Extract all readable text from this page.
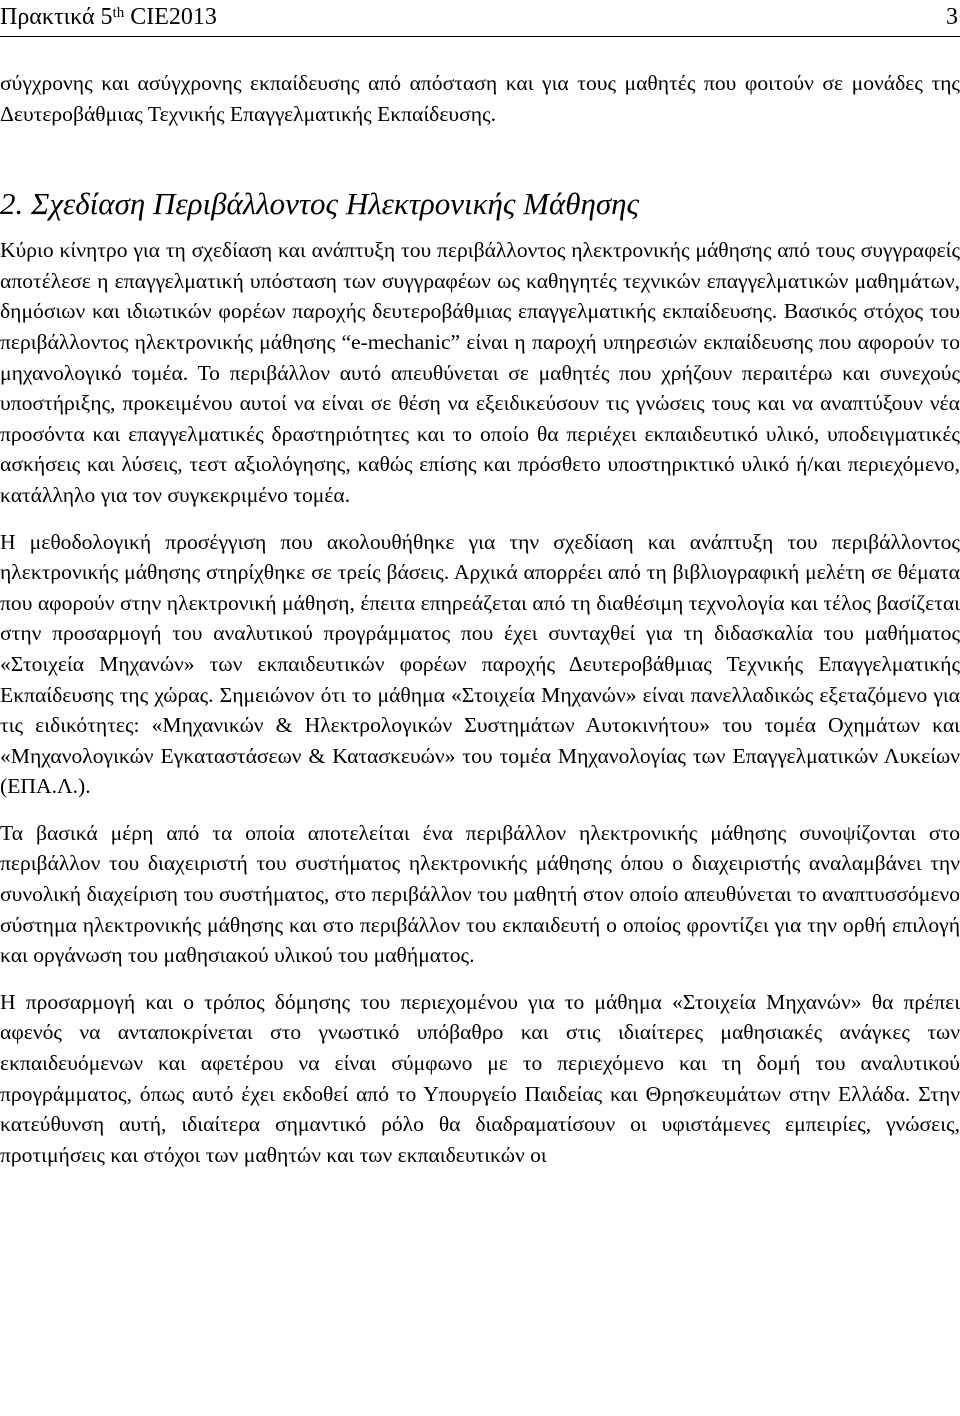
Πρακτικά 5th CIE2013	3

σύγχρονης και ασύγχρονης εκπαίδευσης από απόσταση και για τους μαθητές που φοιτούν σε μονάδες της Δευτεροβάθμιας Τεχνικής Επαγγελματικής Εκπαίδευσης.

2. Σχεδίαση Περιβάλλοντος Ηλεκτρονικής Μάθησης

Κύριο κίνητρο για τη σχεδίαση και ανάπτυξη του περιβάλλοντος ηλεκτρονικής μάθησης από τους συγγραφείς αποτέλεσε η επαγγελματική υπόσταση των συγγραφέων ως καθηγητές τεχνικών επαγγελματικών μαθημάτων, δημόσιων και ιδιωτικών φορέων παροχής δευτεροβάθμιας επαγγελματικής εκπαίδευσης. Βασικός στόχος του περιβάλλοντος ηλεκτρονικής μάθησης “e-mechanic” είναι η παροχή υπηρεσιών εκπαίδευσης που αφορούν το μηχανολογικό τομέα. Το περιβάλλον αυτό απευθύνεται σε μαθητές που χρήζουν περαιτέρω και συνεχούς υποστήριξης, προκειμένου αυτοί να είναι σε θέση να εξειδικεύσουν τις γνώσεις τους και να αναπτύξουν νέα προσόντα και επαγγελματικές δραστηριότητες και το οποίο θα περιέχει εκπαιδευτικό υλικό, υποδειγματικές ασκήσεις και λύσεις, τεστ αξιολόγησης, καθώς επίσης και πρόσθετο υποστηρικτικό υλικό ή/και περιεχόμενο, κατάλληλο για τον συγκεκριμένο τομέα.

Η μεθοδολογική προσέγγιση που ακολουθήθηκε για την σχεδίαση και ανάπτυξη του περιβάλλοντος ηλεκτρονικής μάθησης στηρίχθηκε σε τρείς βάσεις. Αρχικά απορρέει από τη βιβλιογραφική μελέτη σε θέματα που αφορούν στην ηλεκτρονική μάθηση, έπειτα επηρεάζεται από τη διαθέσιμη τεχνολογία και τέλος βασίζεται στην προσαρμογή του αναλυτικού προγράμματος που έχει συνταχθεί για τη διδασκαλία του μαθήματος «Στοιχεία Μηχανών» των εκπαιδευτικών φορέων παροχής Δευτεροβάθμιας Τεχνικής Επαγγελματικής Εκπαίδευσης της χώρας. Σημειώνον ότι το μάθημα «Στοιχεία Μηχανών» είναι πανελλαδικώς εξεταζόμενο για τις ειδικότητες: «Μηχανικών & Ηλεκτρολογικών Συστημάτων Αυτοκινήτου» του τομέα Οχημάτων και «Μηχανολογικών Εγκαταστάσεων & Κατασκευών» του τομέα Μηχανολογίας των Επαγγελματικών Λυκείων (ΕΠΑ.Λ.).

Τα βασικά μέρη από τα οποία αποτελείται ένα περιβάλλον ηλεκτρονικής μάθησης συνοψίζονται στο περιβάλλον του διαχειριστή του συστήματος ηλεκτρονικής μάθησης όπου ο διαχειριστής αναλαμβάνει την συνολική διαχείριση του συστήματος, στο περιβάλλον του μαθητή στον οποίο απευθύνεται το αναπτυσσόμενο σύστημα ηλεκτρονικής μάθησης και στο περιβάλλον του εκπαιδευτή ο οποίος φροντίζει για την ορθή επιλογή και οργάνωση του μαθησιακού υλικού του μαθήματος.

Η προσαρμογή και ο τρόπος δόμησης του περιεχομένου για το μάθημα «Στοιχεία Μηχανών» θα πρέπει αφενός να ανταποκρίνεται στο γνωστικό υπόβαθρο και στις ιδιαίτερες μαθησιακές ανάγκες των εκπαιδευόμενων και αφετέρου να είναι σύμφωνο με το περιεχόμενο και τη δομή του αναλυτικού προγράμματος, όπως αυτό έχει εκδοθεί από το Υπουργείο Παιδείας και Θρησκευμάτων στην Ελλάδα. Στην κατεύθυνση αυτή, ιδιαίτερα σημαντικό ρόλο θα διαδραματίσουν οι υφιστάμενες εμπειρίες, γνώσεις, προτιμήσεις και στόχοι των μαθητών και των εκπαιδευτικών οι
